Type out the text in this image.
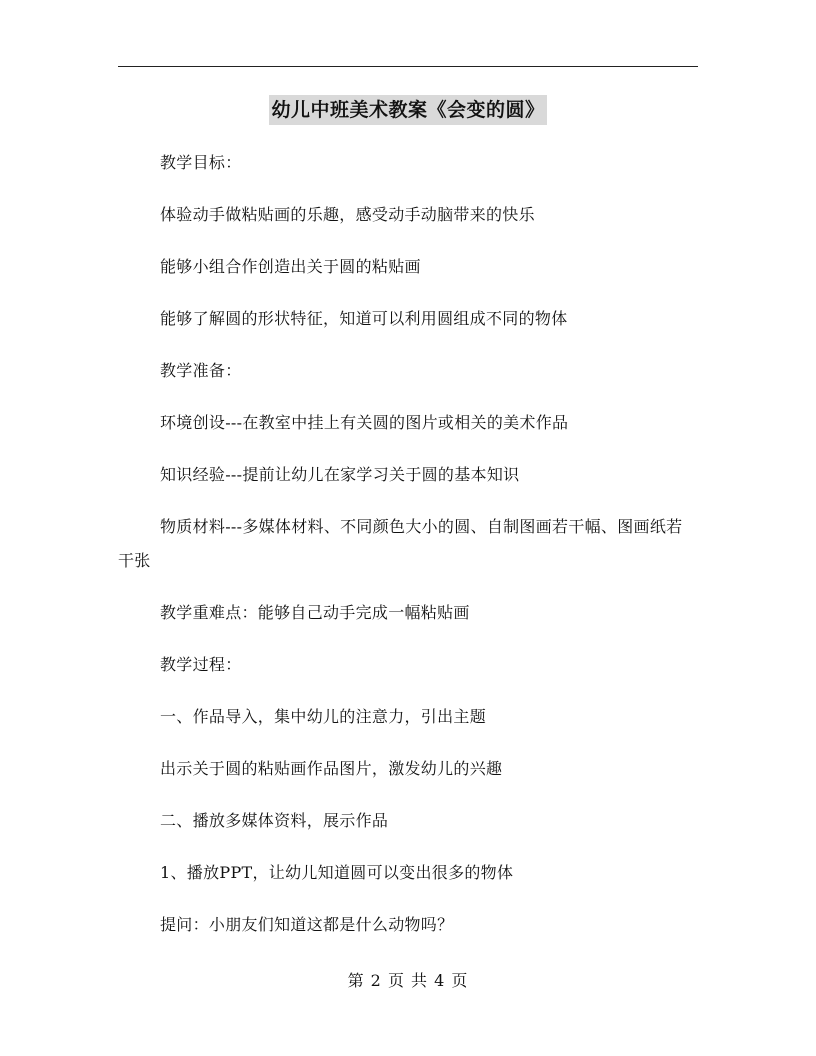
幼儿中班美术教案《会变的圆》

教学目标：

体验动手做粘贴画的乐趣，感受动手动脑带来的快乐

能够小组合作创造出关于圆的粘贴画

能够了解圆的形状特征，知道可以利用圆组成不同的物体

教学准备：

环境创设---在教室中挂上有关圆的图片或相关的美术作品

知识经验---提前让幼儿在家学习关于圆的基本知识

物质材料---多媒体材料、不同颜色大小的圆、自制图画若干幅、图画纸若干张

教学重难点：能够自己动手完成一幅粘贴画

教学过程：

一、作品导入，集中幼儿的注意力，引出主题

出示关于圆的粘贴画作品图片，激发幼儿的兴趣

二、播放多媒体资料，展示作品

1、播放PPT，让幼儿知道圆可以变出很多的物体

提问：小朋友们知道这都是什么动物吗？

第 2 页 共 4 页
